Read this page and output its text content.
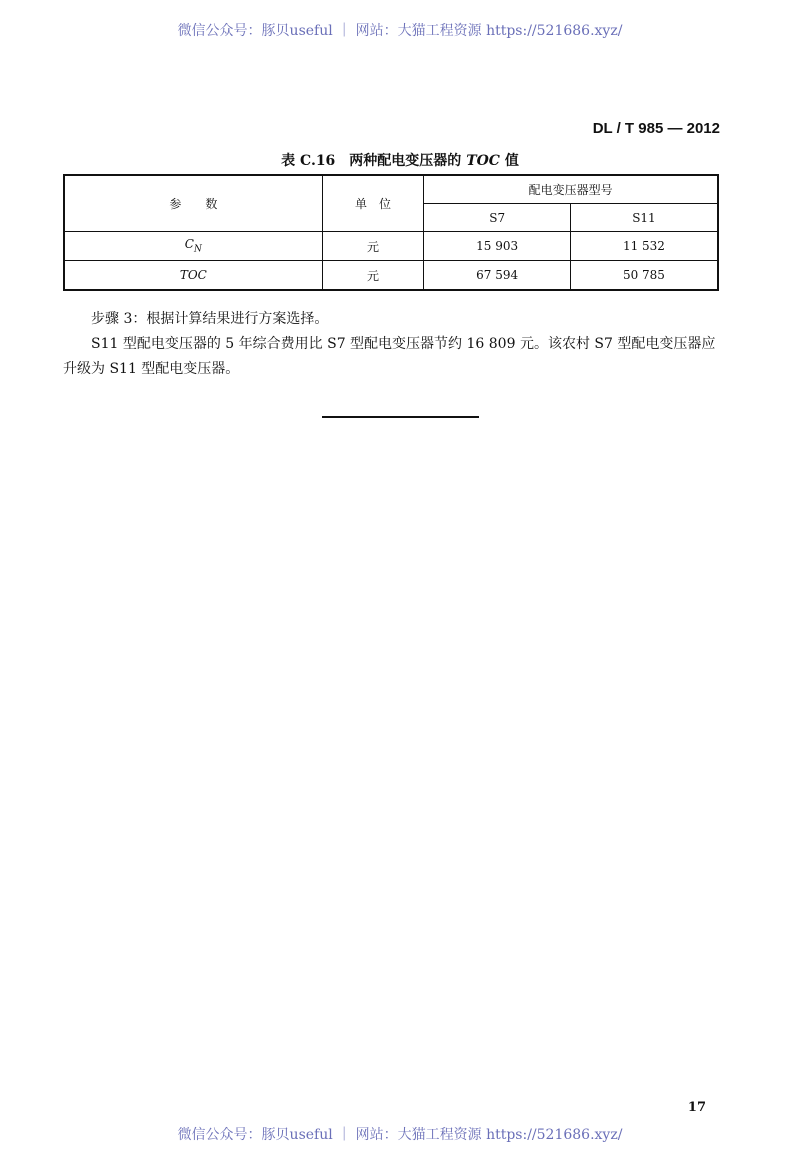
微信公众号：豚贝useful ｜ 网站：大猫工程资源 https://521686.xyz/
DL / T 985 — 2012
表 C.16　两种配电变压器的 TOC 值
参　　数	单　位	配电变压器型号	
		S7	S11
$C_N$	元	15 903	11 532
TOC	元	67 594	50 785
步骤 3：根据计算结果进行方案选择。
S11 型配电变压器的 5 年综合费用比 S7 型配电变压器节约 16 809 元。该农村 S7 型配电变压器应升级为 S11 型配电变压器。
17
微信公众号：豚贝useful ｜ 网站：大猫工程资源 https://521686.xyz/
